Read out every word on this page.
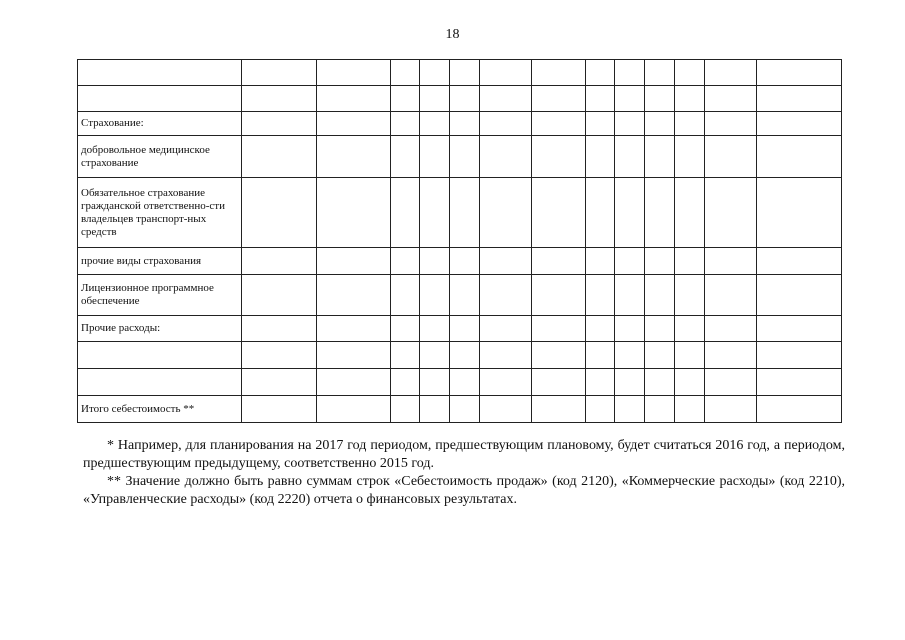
18

Страхование:													
добровольное медицинское страхование													
Обязательное страхование гражданской ответственно-сти владельцев транспорт-ных средств													
прочие виды страхования													
Лицензионное программное обеспечение													
Прочие расходы:													

Итого себестоимость **													

* Например, для планирования на 2017 год периодом, предшествующим плановому, будет считаться 2016 год, а периодом, предшествующим предыдущему, соответственно 2015 год.

** Значение должно быть равно суммам строк «Себестоимость продаж» (код 2120), «Коммерческие расходы» (код 2210), «Управленческие расходы» (код 2220) отчета о финансовых результатах.
